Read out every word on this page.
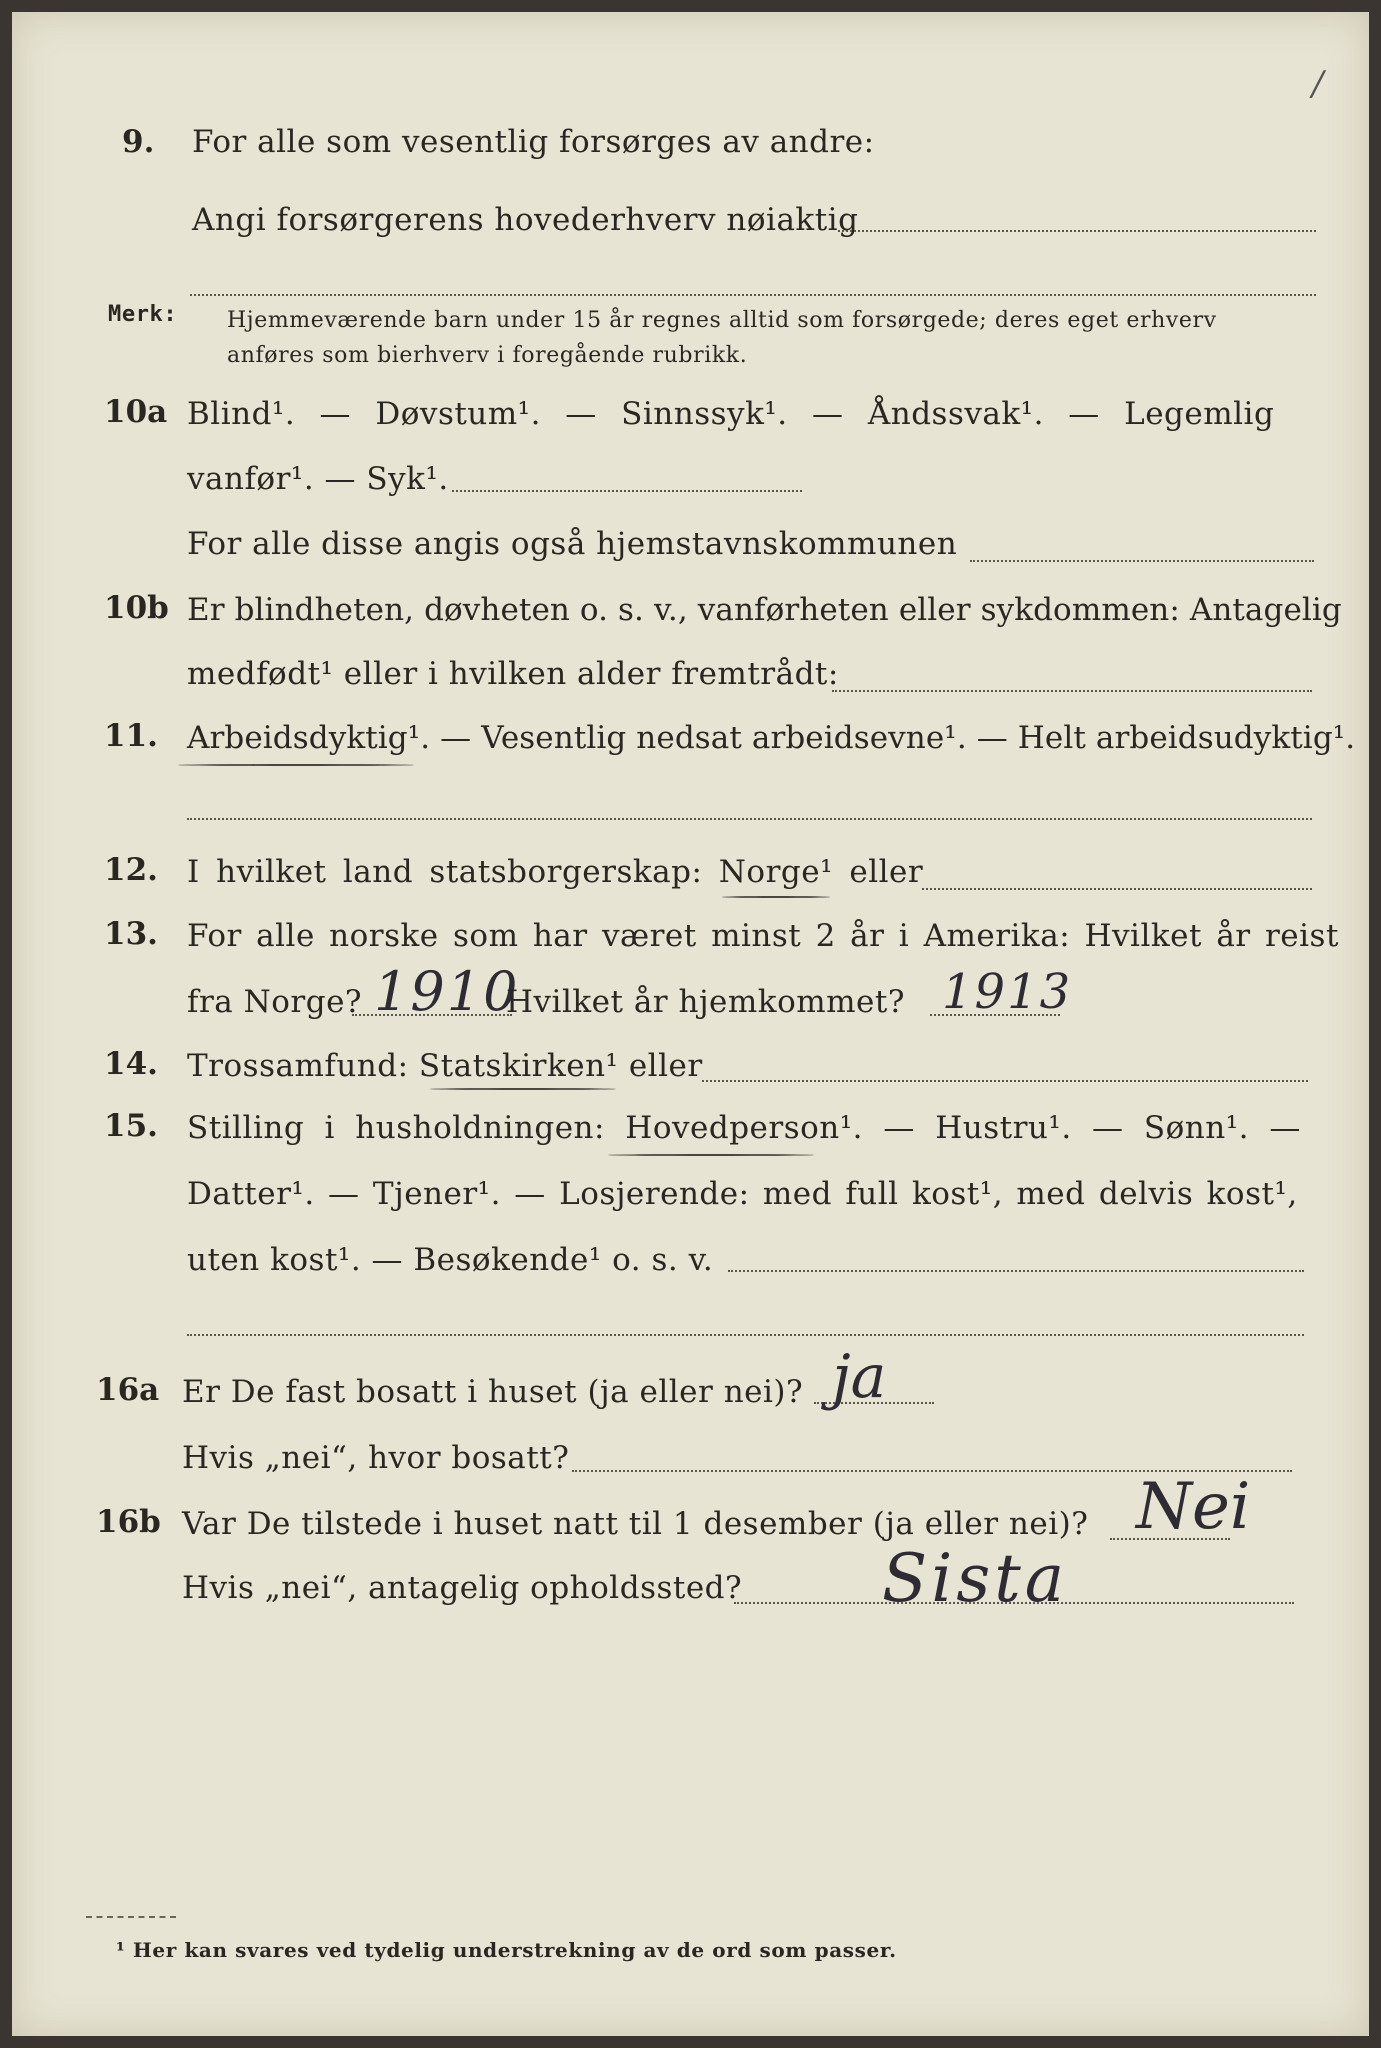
/
9. For alle som vesentlig forsørges av andre:
Angi forsørgerens hovederhverv nøiaktig
Merk: Hjemmeværende barn under 15 år regnes alltid som forsørgede; deres eget erhverv
anføres som bierhverv i foregående rubrikk.
10a Blind¹. — Døvstum¹. — Sinnssyk¹. — Åndssvak¹. — Legemlig
vanfør¹. — Syk¹.
For alle disse angis også hjemstavnskommunen
10b Er blindheten, døvheten o. s. v., vanførheten eller sykdommen: Antagelig
medfødt¹ eller i hvilken alder fremtrådt:
11. Arbeidsdyktig¹. — Vesentlig nedsat arbeidsevne¹. — Helt arbeidsudyktig¹.
12. I hvilket land statsborgerskap: Norge¹ eller
13. For alle norske som har været minst 2 år i Amerika: Hvilket år reist
fra Norge? 1910
Hvilket år hjemkommet? 1913
14. Trossamfund: Statskirken¹ eller
15. Stilling i husholdningen: Hovedperson¹. — Hustru¹. — Sønn¹. —
Datter¹. — Tjener¹. — Losjerende: med full kost¹, med delvis kost¹,
uten kost¹. — Besøkende¹ o. s. v.
16a Er De fast bosatt i huset (ja eller nei)? ja
Hvis „nei“, hvor bosatt?
16b Var De tilstede i huset natt til 1 desember (ja eller nei)? Nei
Hvis „nei“, antagelig opholdssted? Sista
¹ Her kan svares ved tydelig understrekning av de ord som passer.
